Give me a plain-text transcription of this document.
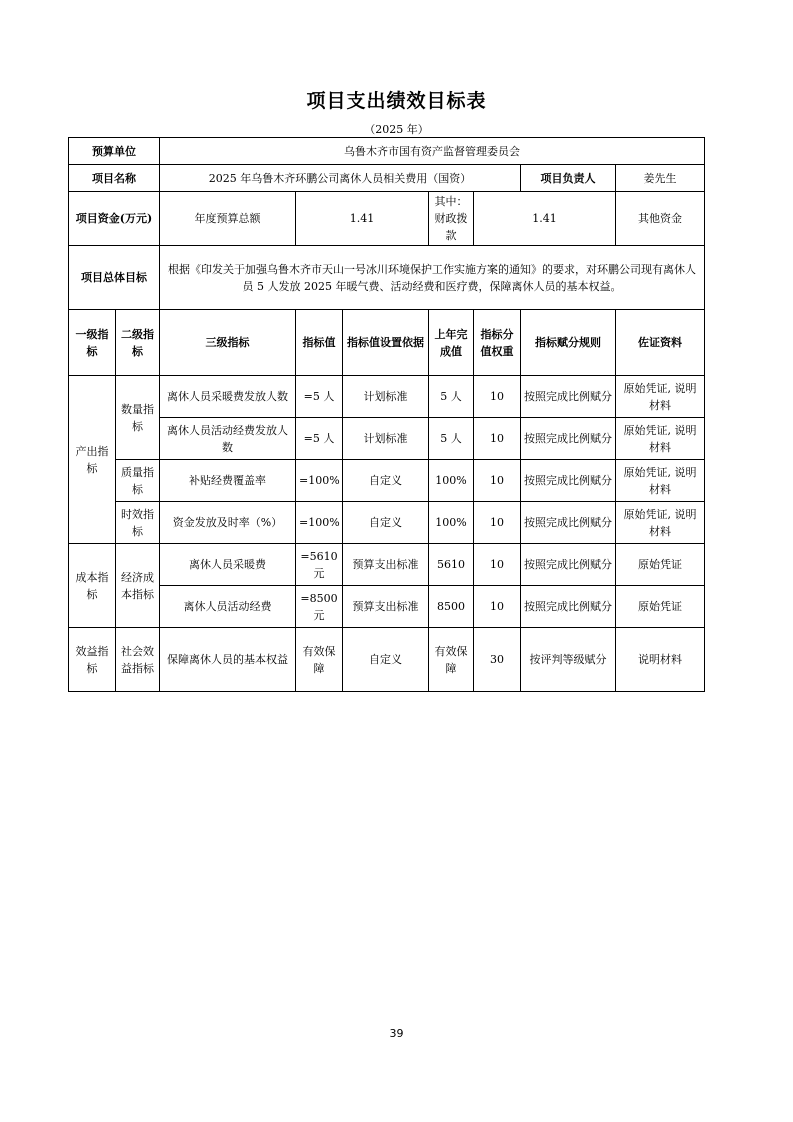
项目支出绩效目标表
（2025 年）
预算单位		乌鲁木齐市国有资产监督管理委员会							
项目名称		2025 年乌鲁木齐环鹏公司离休人员相关费用（国资）					项目负责人	姜先生	
项目资金(万元)		年度预算总额	1.41		其中：财政拨款	1.41		其他资金	
项目总体目标		根据《印发关于加强乌鲁木齐市天山一号冰川环境保护工作实施方案的通知》的要求，对环鹏公司现有离休人员 5 人发放 2025 年暖气费、活动经费和医疗费，保障离休人员的基本权益。							
一级指标	二级指标	三级指标	指标值	指标值设置依据	上年完成值	指标分值权重	指标赋分规则	佐证资料	
产出指标	数量指标	离休人员采暖费发放人数	=5 人	计划标准	5 人	10	按照完成比例赋分	原始凭证, 说明材料	
		离休人员活动经费发放人数	=5 人	计划标准	5 人	10	按照完成比例赋分	原始凭证, 说明材料	
	质量指标	补贴经费覆盖率	=100%	自定义	100%	10	按照完成比例赋分	原始凭证, 说明材料	
	时效指标	资金发放及时率（%）	=100%	自定义	100%	10	按照完成比例赋分	原始凭证, 说明材料	
成本指标	经济成本指标	离休人员采暖费	=5610元	预算支出标准	5610	10	按照完成比例赋分	原始凭证	
		离休人员活动经费	=8500元	预算支出标准	8500	10	按照完成比例赋分	原始凭证	
效益指标	社会效益指标	保障离休人员的基本权益	有效保障	自定义	有效保障	30	按评判等级赋分	说明材料	
39
